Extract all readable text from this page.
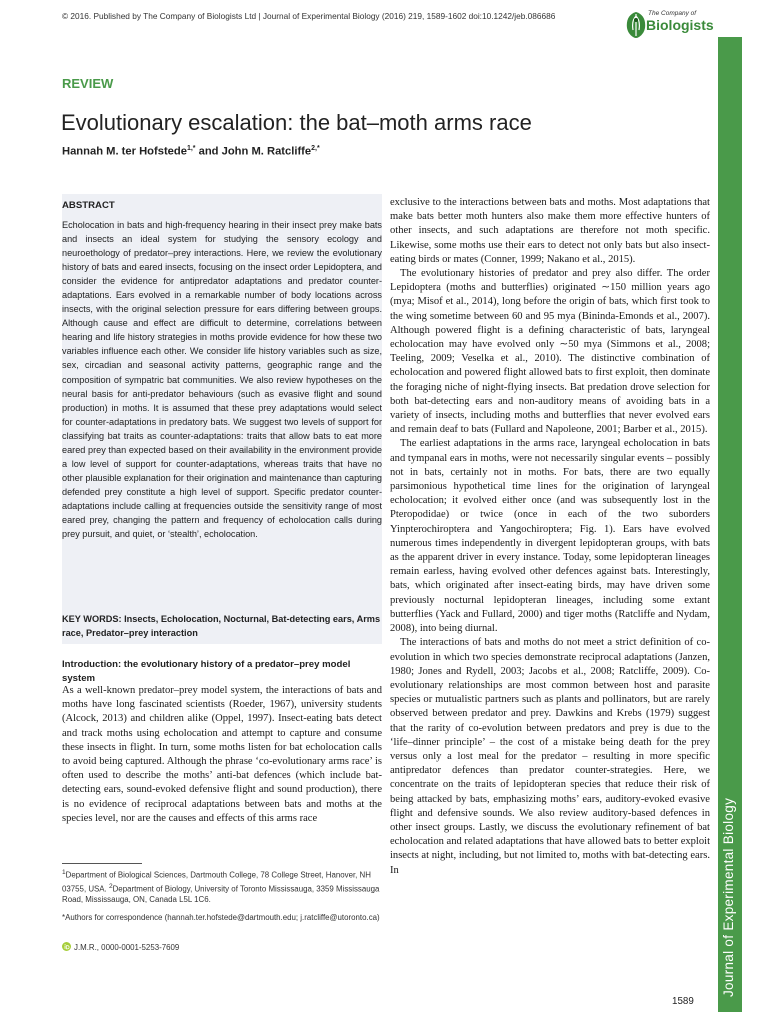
© 2016. Published by The Company of Biologists Ltd | Journal of Experimental Biology (2016) 219, 1589-1602 doi:10.1242/jeb.086686	The Company of
Biologists
Journal of Experimental Biology
REVIEW
Evolutionary escalation: the bat–moth arms race
Hannah M. ter Hofstede$^{1,*}$ and John M. Ratcliffe$^{2,*}$
ABSTRACT

Echolocation in bats and high-frequency hearing in their insect prey make bats and insects an ideal system for studying the sensory ecology and neuroethology of predator–prey interactions. Here, we review the evolutionary history of bats and eared insects, focusing on the insect order Lepidoptera, and consider the evidence for antipredator adaptations and predator counter-adaptations. Ears evolved in a remarkable number of body locations across insects, with the original selection pressure for ears differing between groups. Although cause and effect are difficult to determine, correlations between hearing and life history strategies in moths provide evidence for how these two variables influence each other. We consider life history variables such as size, sex, circadian and seasonal activity patterns, geographic range and the composition of sympatric bat communities. We also review hypotheses on the neural basis for anti-predator behaviours (such as evasive flight and sound production) in moths. It is assumed that these prey adaptations would select for counter-adaptations in predatory bats. We suggest two levels of support for classifying bat traits as counter-adaptations: traits that allow bats to eat more eared prey than expected based on their availability in the environment provide a low level of support for counter-adaptations, whereas traits that have no other plausible explanation for their origination and maintenance than capturing defended prey constitute a high level of support. Specific predator counter-adaptations include calling at frequencies outside the sensitivity range of most eared prey, changing the pattern and frequency of echolocation calls during prey pursuit, and quiet, or ‘stealth’, echolocation.

KEY WORDS: Insects, Echolocation, Nocturnal, Bat-detecting ears, Arms race, Predator–prey interaction
Introduction: the evolutionary history of a predator–prey model system

As a well-known predator–prey model system, the interactions of bats and moths have long fascinated scientists (Roeder, 1967), university students (Alcock, 2013) and children alike (Oppel, 1997). Insect-eating bats detect and track moths using echolocation and attempt to capture and consume these insects in flight. In turn, some moths listen for bat echolocation calls to avoid being captured. Although the phrase ‘co-evolutionary arms race’ is often used to describe the moths’ anti-bat defences (which include bat-detecting ears, sound-evoked defensive flight and sound production), there is no evidence of reciprocal adaptations between bats and moths at the species level, nor are the causes and effects of this arms race

$^1$Department of Biological Sciences, Dartmouth College, 78 College Street, Hanover, NH 03755, USA. $^2$Department of Biology, University of Toronto Mississauga, 3359 Mississauga Road, Mississauga, ON, Canada L5L 1C6.
*Authors for correspondence (hannah.ter.hofstede@dartmouth.edu; j.ratcliffe@utoronto.ca)
J.M.R., 0000-0001-5253-7609

exclusive to the interactions between bats and moths. Most adaptations that make bats better moth hunters also make them more effective hunters of other insects, and such adaptations are therefore not moth specific. Likewise, some moths use their ears to detect not only bats but also insect-eating birds or mates (Conner, 1999; Nakano et al., 2015).

The evolutionary histories of predator and prey also differ. The order Lepidoptera (moths and butterflies) originated ∼150 million years ago (mya; Misof et al., 2014), long before the origin of bats, which first took to the wing sometime between 60 and 95 mya (Bininda-Emonds et al., 2007). Although powered flight is a defining characteristic of bats, laryngeal echolocation may have evolved only ∼50 mya (Simmons et al., 2008; Teeling, 2009; Veselka et al., 2010). The distinctive combination of echolocation and powered flight allowed bats to first exploit, then dominate the foraging niche of night-flying insects. Bat predation drove selection for both bat-detecting ears and non-auditory means of avoiding bats in a variety of insects, including moths and butterflies that never evolved ears and remain deaf to bats (Fullard and Napoleone, 2001; Barber et al., 2015).

The earliest adaptations in the arms race, laryngeal echolocation in bats and tympanal ears in moths, were not necessarily singular events – possibly not in bats, certainly not in moths. For bats, there are two equally parsimonious hypothetical time lines for the origination of laryngeal echolocation; it evolved either once (and was subsequently lost in the Pteropodidae) or twice (once in each of the two suborders Yinpterochiroptera and Yangochiroptera; Fig. 1). Ears have evolved numerous times independently in divergent lepidopteran groups, with bats as the apparent driver in every instance. Today, some lepidopteran lineages remain earless, having evolved other defences against bats. Interestingly, bats, which originated after insect-eating birds, may have driven some previously nocturnal lepidopteran lineages, including some extant butterflies (Yack and Fullard, 2000) and tiger moths (Ratcliffe and Nydam, 2008), into being diurnal.

The interactions of bats and moths do not meet a strict definition of co-evolution in which two species demonstrate reciprocal adaptations (Janzen, 1980; Jones and Rydell, 2003; Jacobs et al., 2008; Ratcliffe, 2009). Co-evolutionary relationships are most common between host and parasite species or mutualistic partners such as plants and pollinators, but are rarely observed between predator and prey. Dawkins and Krebs (1979) suggest that the rarity of co-evolution between predators and prey is due to the ‘life–dinner principle’ – the cost of a mistake being death for the prey versus only a lost meal for the predator – resulting in more specific antipredator defences than predator counter-strategies. Here, we concentrate on the traits of lepidopteran species that reduce their risk of being attacked by bats, emphasizing moths’ ears, auditory-evoked evasive flight and defensive sounds. We also review auditory-based defences in other insect groups. Lastly, we discuss the evolutionary refinement of bat echolocation and related adaptations that have allowed bats to better exploit insects at night, including, but not limited to, moths with bat-detecting ears. In

1589
